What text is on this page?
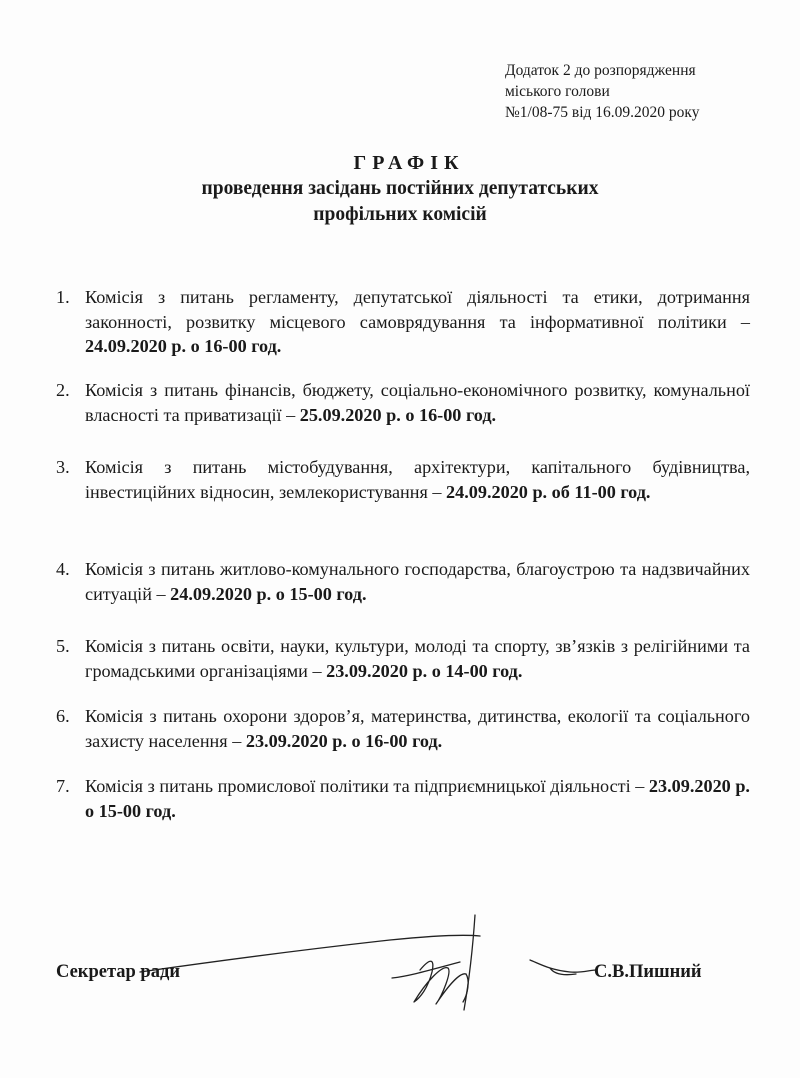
Додаток 2 до розпорядження
міського голови
№1/08-75 від 16.09.2020 року
ГРАФІК
проведення засідань постійних депутатських
профільних комісій
1. Комісія з питань регламенту, депутатської діяльності та етики, дотримання законності, розвитку місцевого самоврядування та інформативної політики – 24.09.2020 р. о 16-00 год.
2. Комісія з питань фінансів, бюджету, соціально-економічного розвитку, комунальної власності та приватизації – 25.09.2020 р. о 16-00 год.
3. Комісія з питань містобудування, архітектури, капітального будівництва, інвестиційних відносин, землекористування – 24.09.2020 р. об 11-00 год.
4. Комісія з питань житлово-комунального господарства, благоустрою та надзвичайних ситуацій – 24.09.2020 р. о 15-00 год.
5. Комісія з питань освіти, науки, культури, молоді та спорту, зв’язків з релігійними та громадськими організаціями – 23.09.2020 р. о 14-00 год.
6. Комісія з питань охорони здоров’я, материнства, дитинства, екології та соціального захисту населення – 23.09.2020 р. о 16-00 год.
7. Комісія з питань промислової політики та підприємницької діяльності – 23.09.2020 р. о 15-00 год.
Секретар ради	С.В.Пишний
